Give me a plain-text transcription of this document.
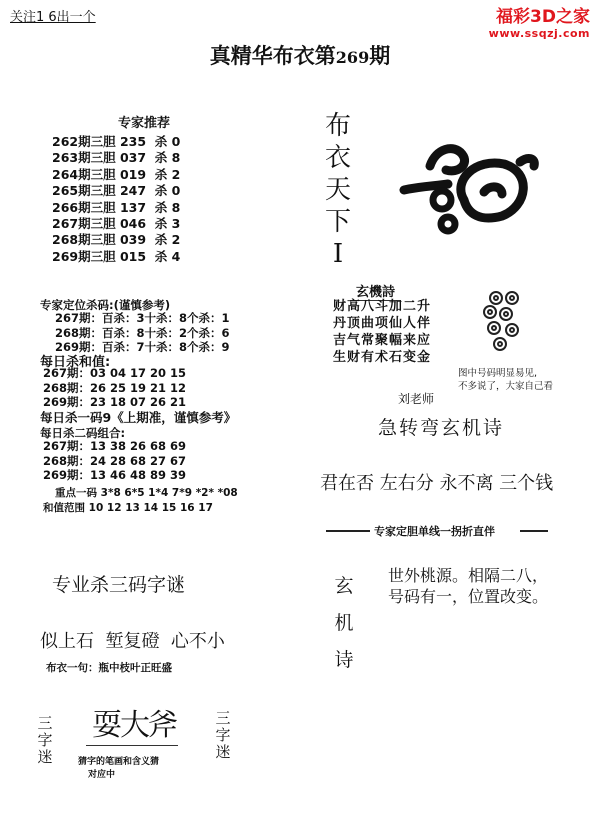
关注1 6出一个	福彩3D之家
www.ssqzj.com
真精华布衣第269期
专家推荐
262期三胆 235  杀 0
263期三胆 037  杀 8
264期三胆 019  杀 2
265期三胆 247  杀 0
266期三胆 137  杀 8
267期三胆 046  杀 3
268期三胆 039  杀 2
269期三胆 015  杀 4
专家定位杀码:(谨慎参考)
267期：百杀：3十杀：8个杀：1
268期：百杀：8十杀：2个杀：6
269期：百杀：7十杀：8个杀：9
每日杀和值:
267期：03 04 17 20 15
268期：26 25 19 21 12
269期：23 18 07 26 21
每日杀一码9《上期准，谨慎参考》
每日杀二码组合:
267期：13 38 26 68 69
268期：24 28 68 27 67
269期：13 46 48 89 39
重点一码 3*8 6*5 1*4 7*9 *2* *08
和值范围 10 12 13 14 15 16 17
专业杀三码字谜
似上石  堑复磴  心不小
布衣一句：瓶中枝叶正旺盛
三
字
迷
耍大斧
猜字的笔画和含义猜
对应中
三
字
迷
布
衣
天
下
I
玄機詩
财高八斗加二升
丹顶曲项仙人伴
吉气常聚幅来应
生财有术石变金
图中号码明显易见,
不多说了，大家自己看
刘老师
急转弯玄机诗
君在否 左右分 永不离 三个钱
专家定胆单线一拐折直伴
玄
机
诗
世外桃源。相隔二八，
号码有一，位置改变。
